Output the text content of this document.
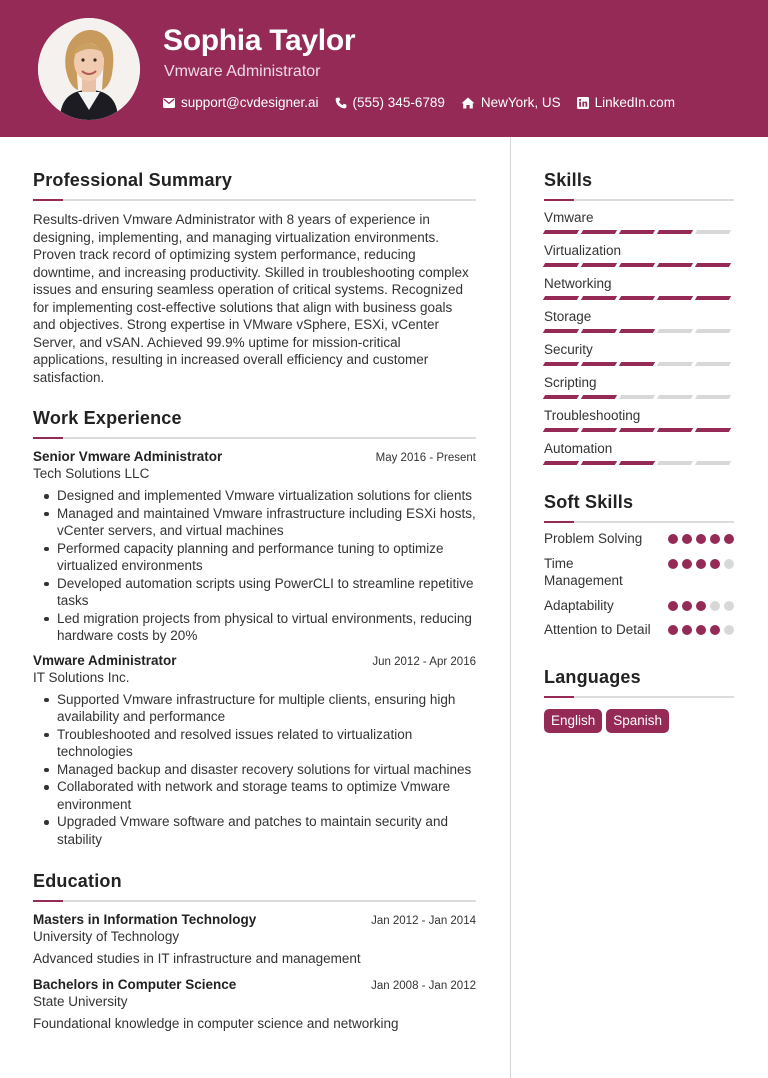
Sophia Taylor
Vmware Administrator
support@cvdesigner.ai	(555) 345-6789	NewYork, US	LinkedIn.com
Professional Summary

Results-driven Vmware Administrator with 8 years of experience in designing, implementing, and managing virtualization environments. Proven track record of optimizing system performance, reducing downtime, and increasing productivity. Skilled in troubleshooting complex issues and ensuring seamless operation of critical systems. Recognized for implementing cost-effective solutions that align with business goals and objectives. Strong expertise in VMware vSphere, ESXi, vCenter Server, and vSAN. Achieved 99.9% uptime for mission-critical applications, resulting in increased overall efficiency and customer satisfaction.

Work Experience
Senior Vmware Administrator	May 2016 - Present
Tech Solutions LLC
Designed and implemented Vmware virtualization solutions for clients
Managed and maintained Vmware infrastructure including ESXi hosts, vCenter servers, and virtual machines
Performed capacity planning and performance tuning to optimize virtualized environments
Developed automation scripts using PowerCLI to streamline repetitive tasks
Led migration projects from physical to virtual environments, reducing hardware costs by 20%
Vmware Administrator	Jun 2012 - Apr 2016
IT Solutions Inc.
Supported Vmware infrastructure for multiple clients, ensuring high availability and performance
Troubleshooted and resolved issues related to virtualization technologies
Managed backup and disaster recovery solutions for virtual machines
Collaborated with network and storage teams to optimize Vmware environment
Upgraded Vmware software and patches to maintain security and stability
Education
Masters in Information Technology	Jan 2012 - Jan 2014
University of Technology
Advanced studies in IT infrastructure and management
Bachelors in Computer Science	Jan 2008 - Jan 2012
State University
Foundational knowledge in computer science and networking
Skills
Vmware
Virtualization
Networking
Storage
Security
Scripting
Troubleshooting
Automation
Soft Skills
Problem Solving
Time Management
Adaptability
Attention to Detail
Languages
English	Spanish
